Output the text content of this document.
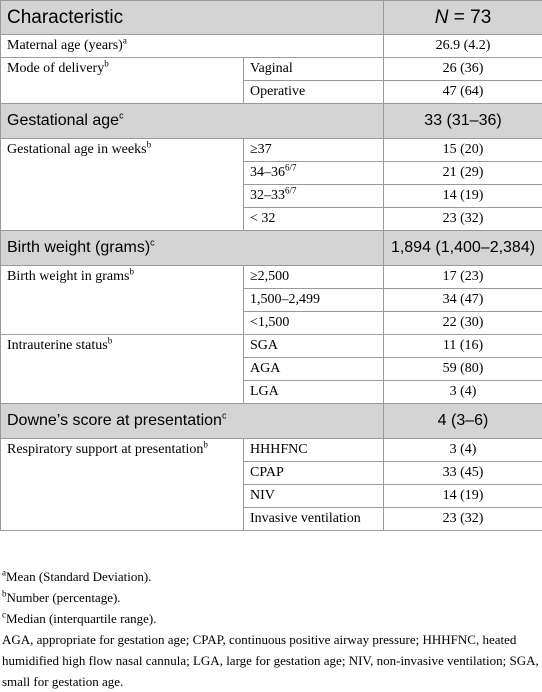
Characteristic		N = 73
Maternal age (years)$^a$		26.9 (4.2)
Mode of delivery$^b$	Vaginal	26 (36)
	Operative	47 (64)
Gestational age$^c$		33 (31–36)
Gestational age in weeks$^b$	≥37	15 (20)
	$34-36^{6/7}$	21 (29)
	$32-33^{6/7}$	14 (19)
	< 32	23 (32)
Birth weight (grams)$^c$		1,894 (1,400–2,384)
Birth weight in grams$^b$	≥2,500	17 (23)
	1,500–2,499	34 (47)
	<1,500	22 (30)
Intrauterine status$^b$	SGA	11 (16)
	AGA	59 (80)
	LGA	3 (4)
Downe’s score at presentation$^c$		4 (3–6)
Respiratory support at presentation$^b$	HHHFNC	3 (4)
	CPAP	33 (45)
	NIV	14 (19)
	Invasive ventilation	23 (32)
$^a$Mean (Standard Deviation).
$^b$Number (percentage).
$^c$Median (interquartile range).
AGA, appropriate for gestation age; CPAP, continuous positive airway pressure; HHHFNC, heated humidified high flow nasal cannula; LGA, large for gestation age; NIV, non-invasive ventilation; SGA, small for gestation age.
